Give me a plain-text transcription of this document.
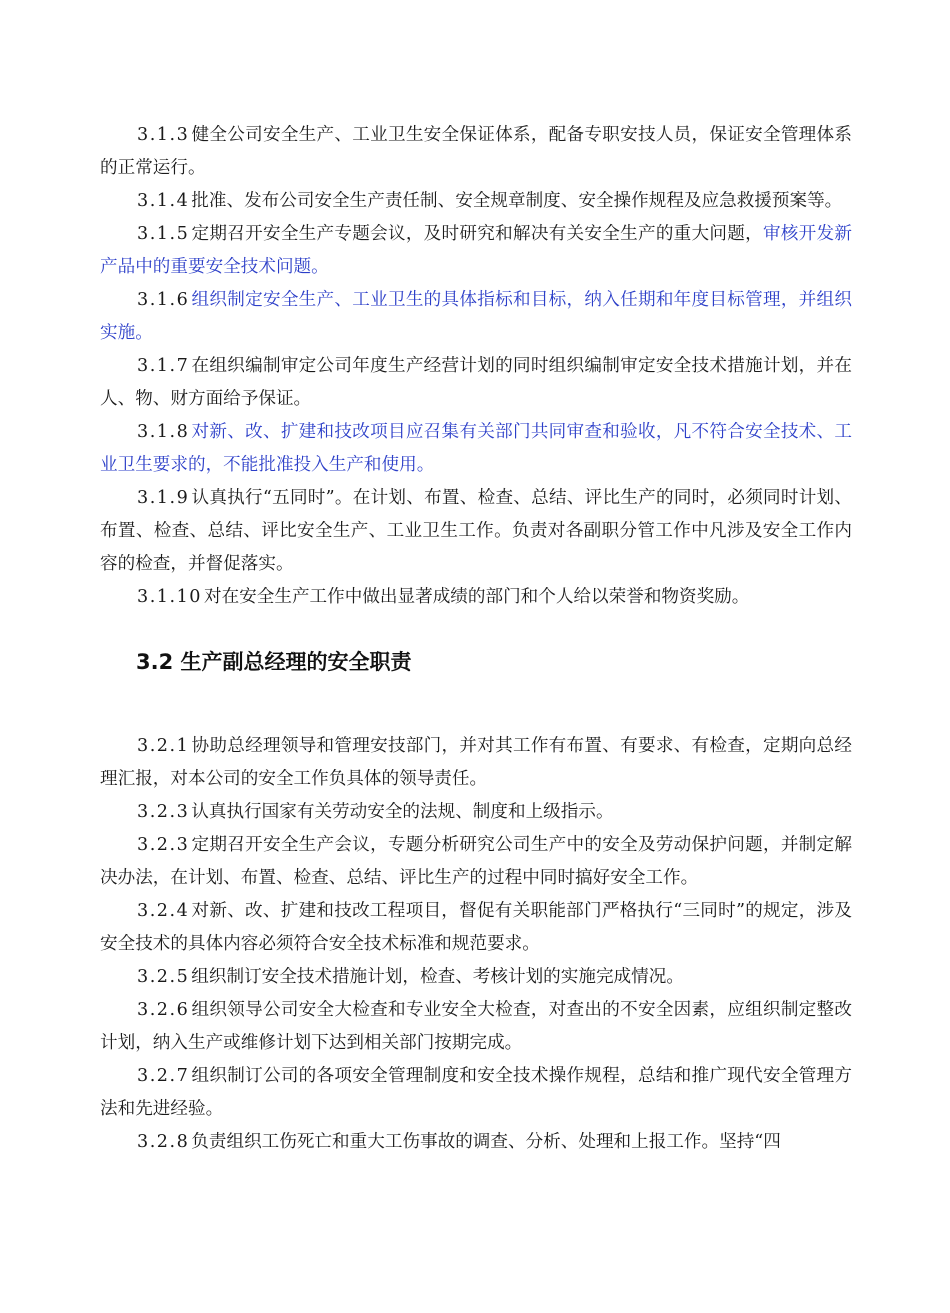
3.1.3 健全公司安全生产、工业卫生安全保证体系，配备专职安技人员，保证安全管理体系的正常运行。

3.1.4 批准、发布公司安全生产责任制、安全规章制度、安全操作规程及应急救援预案等。

3.1.5 定期召开安全生产专题会议，及时研究和解决有关安全生产的重大问题，审核开发新产品中的重要安全技术问题。

3.1.6 组织制定安全生产、工业卫生的具体指标和目标，纳入任期和年度目标管理，并组织实施。

3.1.7 在组织编制审定公司年度生产经营计划的同时组织编制审定安全技术措施计划，并在人、物、财方面给予保证。

3.1.8 对新、改、扩建和技改项目应召集有关部门共同审查和验收，凡不符合安全技术、工业卫生要求的，不能批准投入生产和使用。

3.1.9 认真执行“五同时”。在计划、布置、检查、总结、评比生产的同时，必须同时计划、布置、检查、总结、评比安全生产、工业卫生工作。负责对各副职分管工作中凡涉及安全工作内容的检查，并督促落实。

3.1.10 对在安全生产工作中做出显著成绩的部门和个人给以荣誉和物资奖励。

3.2 生产副总经理的安全职责

3.2.1 协助总经理领导和管理安技部门，并对其工作有布置、有要求、有检查，定期向总经理汇报，对本公司的安全工作负具体的领导责任。

3.2.3 认真执行国家有关劳动安全的法规、制度和上级指示。

3.2.3 定期召开安全生产会议，专题分析研究公司生产中的安全及劳动保护问题，并制定解决办法，在计划、布置、检查、总结、评比生产的过程中同时搞好安全工作。

3.2.4 对新、改、扩建和技改工程项目，督促有关职能部门严格执行“三同时”的规定，涉及安全技术的具体内容必须符合安全技术标准和规范要求。

3.2.5 组织制订安全技术措施计划，检查、考核计划的实施完成情况。

3.2.6 组织领导公司安全大检查和专业安全大检查，对查出的不安全因素，应组织制定整改计划，纳入生产或维修计划下达到相关部门按期完成。

3.2.7 组织制订公司的各项安全管理制度和安全技术操作规程，总结和推广现代安全管理方法和先进经验。

3.2.8 负责组织工伤死亡和重大工伤事故的调查、分析、处理和上报工作。坚持“四
